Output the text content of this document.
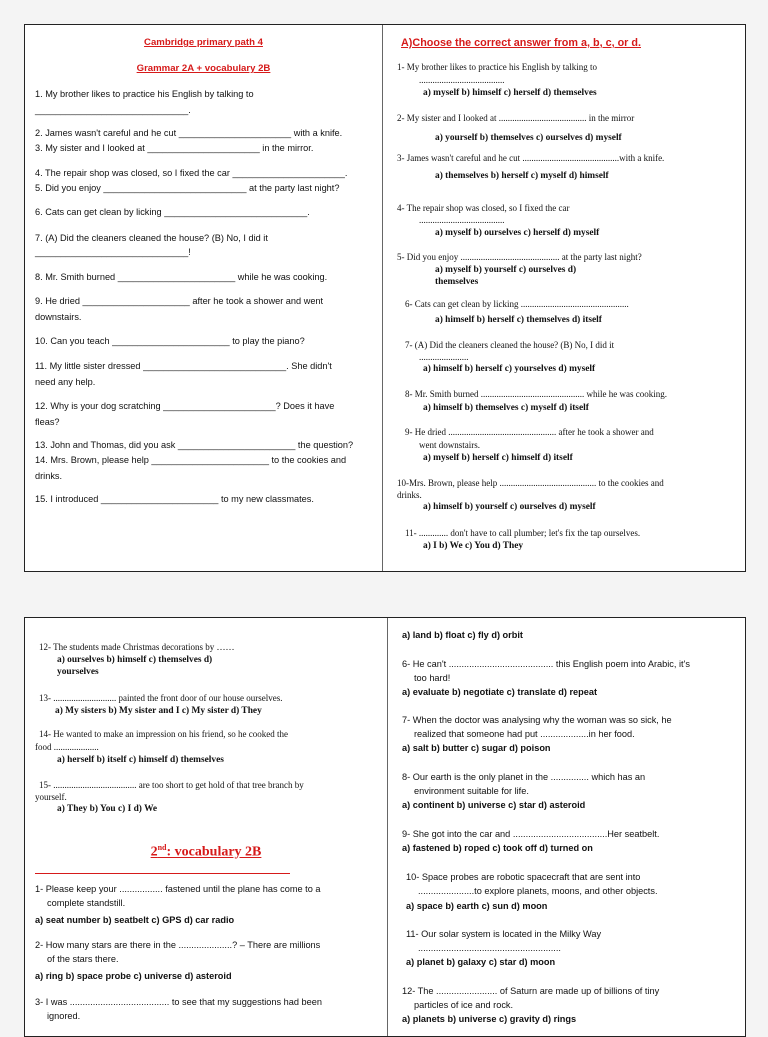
Cambridge primary path 4
Grammar 2A + vocabulary 2B
1. My brother likes to practice his English by talking to
______________________________.
2. James wasn't careful and he cut ______________________ with a knife.
3. My sister and I looked at ______________________ in the mirror.
4. The repair shop was closed, so I fixed the car ______________________.
5. Did you enjoy ____________________________ at the party last night?
6. Cats can get clean by licking ____________________________.
7. (A) Did the cleaners cleaned the house? (B) No, I did it
______________________________!
8. Mr. Smith burned _______________________ while he was cooking.
9. He dried _____________________ after he took a shower and went
downstairs.
10. Can you teach _______________________ to play the piano?
11. My little sister dressed ____________________________. She didn't
need any help.
12. Why is your dog scratching ______________________? Does it have
fleas?
13. John and Thomas, did you ask _______________________ the question?
14. Mrs. Brown, please help _______________________ to the cookies and
drinks.
15. I introduced _______________________ to my new classmates.
A)Choose the correct answer from a, b, c, or d.
1- My brother likes to practice his English by talking to
......................................
a) myself b) himself c) herself d) themselves
2- My sister and I looked at ....................................... in the mirror
a) yourself b) themselves c) ourselves d) myself
3- James wasn't careful and he cut ...........................................with a knife.
a) themselves b) herself c) myself d) himself
4- The repair shop was closed, so I fixed the car
......................................
a) myself b) ourselves c) herself d) myself
5- Did you enjoy ............................................ at the party last night?
a) myself b) yourself c) ourselves d)
themselves
6- Cats can get clean by licking ................................................
a) himself b) herself c) themselves d) itself
7- (A) Did the cleaners cleaned the house? (B) No, I did it
......................
a) himself b) herself c) yourselves d) myself
8- Mr. Smith burned .............................................. while he was cooking.
a) himself b) themselves c) myself d) itself
9- He dried ................................................ after he took a shower and
went downstairs.
a) myself b) herself c) himself d) itself
10-Mrs. Brown, please help ........................................... to the cookies and
drinks.
a) himself b) yourself c) ourselves d) myself
11- ............. don't have to call plumber; let's fix the tap ourselves.
a) I b) We c) You d) They
12- The students made Christmas decorations by ……
a) ourselves b) himself c) themselves d)
yourselves
13- ............................ painted the front door of our house ourselves.
a) My sisters b) My sister and I c) My sister d) They
14- He wanted to make an impression on his friend, so he cooked the
food ....................
a) herself b) itself c) himself d) themselves
15- ..................................... are too short to get hold of that tree branch by
yourself.
a) They b) You c) I d) We
2nd: vocabulary 2B
1- Please keep your ................. fastened until the plane has come to a
complete standstill.
a) seat number b) seatbelt c) GPS d) car radio
2- How many stars are there in the .....................? – There are millions
of the stars there.
a) ring b) space probe c) universe d) asteroid
3- I was ....................................... to see that my suggestions had been
ignored.
a) land b) float c) fly d) orbit
6- He can't ......................................... this English poem into Arabic, it's
too hard!
a) evaluate b) negotiate c) translate d) repeat
7- When the doctor was analysing why the woman was so sick, he
realized that someone had put ...................in her food.
a) salt b) butter c) sugar d) poison
8- Our earth is the only planet in the ............... which has an
environment suitable for life.
a) continent b) universe c) star d) asteroid
9- She got into the car and .....................................Her seatbelt.
a) fastened b) roped c) took off d) turned on
10- Space probes are robotic spacecraft that are sent into
......................to explore planets, moons, and other objects.
a) space b) earth c) sun d) moon
11- Our solar system is located in the Milky Way
........................................................
a) planet b) galaxy c) star d) moon
12- The ........................ of Saturn are made up of billions of tiny
particles of ice and rock.
a) planets b) universe c) gravity d) rings
